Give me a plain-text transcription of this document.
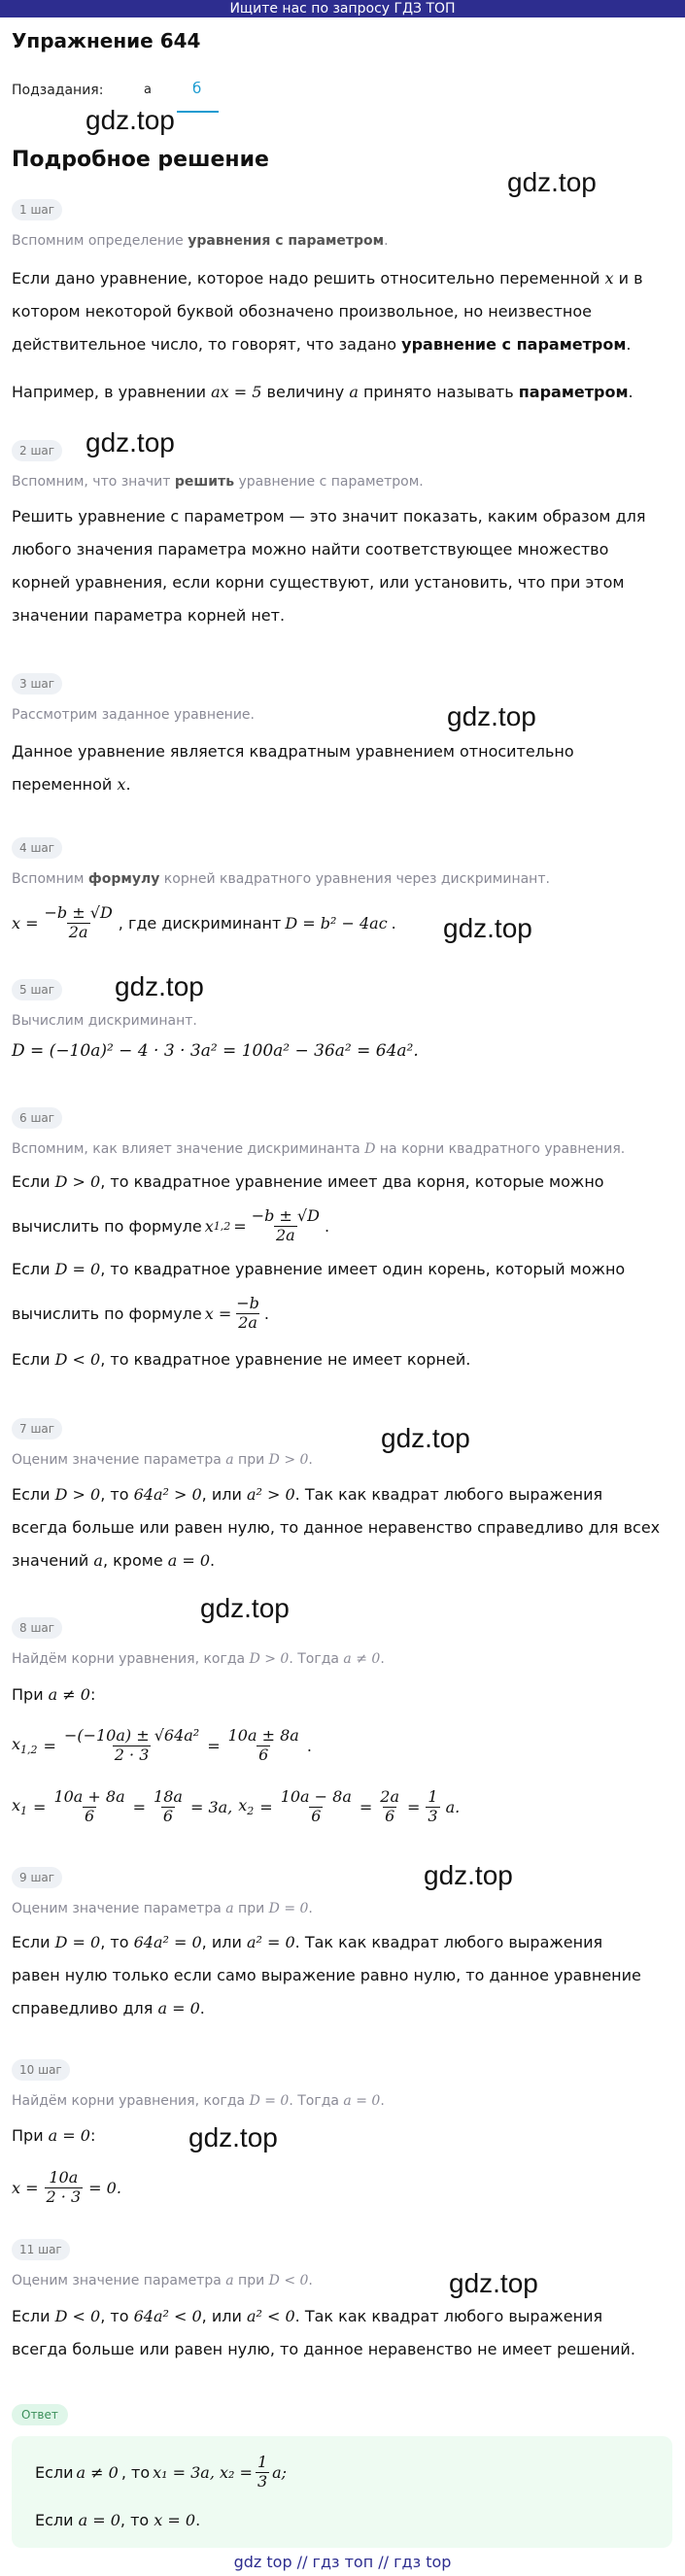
Ищите нас по запросу ГДЗ ТОП
Упражнение 644
Подзадания:	а	б
Подробное решение
gdz.top
gdz.top
gdz.top
gdz.top
gdz.top
gdz.top
gdz.top
gdz.top
gdz.top
gdz.top
gdz.top
1 шаг
Вспомним определение уравнения с параметром.
Если дано уравнение, которое надо решить относительно переменной x и в
котором некоторой буквой обозначено произвольное, но неизвестное
действительное число, то говорят, что задано уравнение с параметром.
Например, в уравнении ax = 5 величину a принято называть параметром.
2 шаг
Вспомним, что значит решить уравнение с параметром.
Решить уравнение с параметром — это значит показать, каким образом для
любого значения параметра можно найти соответствующее множество
корней уравнения, если корни существуют, или установить, что при этом
значении параметра корней нет.
3 шаг
Рассмотрим заданное уравнение.
Данное уравнение является квадратным уравнением относительно
переменной x.
4 шаг
Вспомним формулу корней квадратного уравнения через дискриминант.
$x = \frac{-b \pm √D}{2a}$ , где дискриминант D = b² − 4ac .
5 шаг
Вычислим дискриминант.
D = (−10a)² − 4 · 3 · 3a² = 100a² − 36a² = 64a².
6 шаг
Вспомним, как влияет значение дискриминанта D на корни квадратного уравнения.
Если D > 0, то квадратное уравнение имеет два корня, которые можно
вычислить по формуле x $1,2 = \frac{-b \pm √D}{2a}$ .
Если D = 0, то квадратное уравнение имеет один корень, который можно
вычислить по формуле $x = \frac{-b}{2a}$ .
Если D < 0, то квадратное уравнение не имеет корней.
7 шаг
Оценим значение параметра a при D > 0.
Если D > 0, то 64a² > 0, или a² > 0. Так как квадрат любого выражения
всегда больше или равен нулю, то данное неравенство справедливо для всех
значений a, кроме a = 0.
8 шаг
Найдём корни уравнения, когда D > 0. Тогда a ≠ 0.
При a ≠ 0:
$x_{1,2} = \frac{\text{−(−10a) ± √64a²}}{2 \cdot 3} = \frac{10a \pm 8a}{6}$ .
$x_1 = \frac{10a + 8a}{6} = \frac{18a}{6} = 3a$, $x_2 = \frac{10a - 8a}{6} = \frac{2a}{6} = \frac{1}{3} a$.
9 шаг
Оценим значение параметра a при D = 0.
Если D = 0, то 64a² = 0, или a² = 0. Так как квадрат любого выражения
равен нулю только если само выражение равно нулю, то данное уравнение
справедливо для a = 0.
10 шаг
Найдём корни уравнения, когда D = 0. Тогда a = 0.
При a = 0:
$x = \frac{10a}{2 \cdot 3} = 0$.
11 шаг
Оценим значение параметра a при D < 0.
Если D < 0, то 64a² < 0, или a² < 0. Так как квадрат любого выражения
всегда больше или равен нулю, то данное неравенство не имеет решений.
Ответ
Если a ≠ 0 , то x₁ = 3a, $x_2 = \frac{1}{3} a$;
Если a = 0, то x = 0.
gdz top // гдз топ // гдз top
